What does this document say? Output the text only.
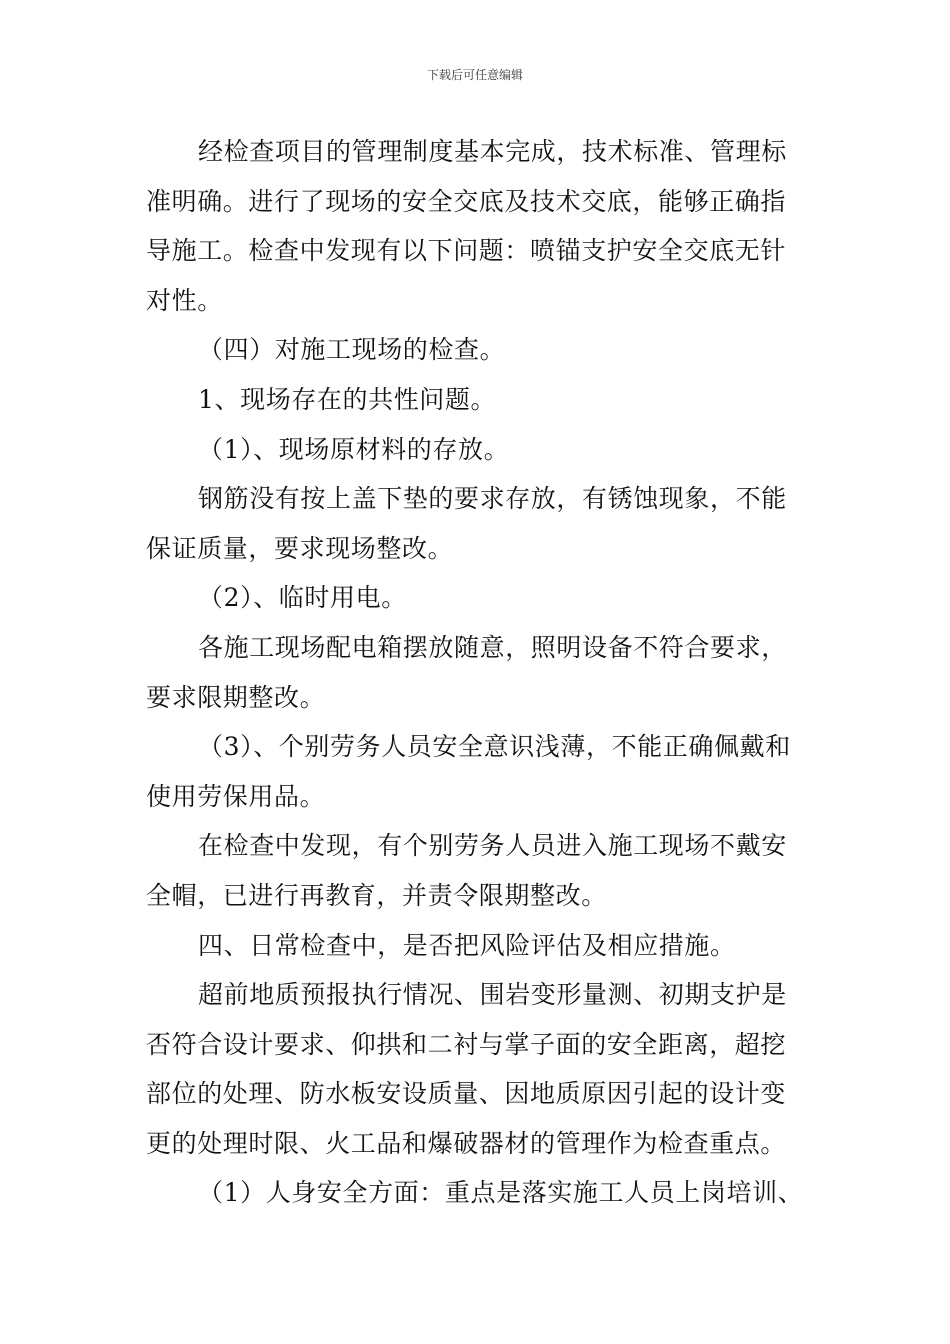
下载后可任意编辑
经检查项目的管理制度基本完成，技术标准、管理标
准明确。进行了现场的安全交底及技术交底，能够正确指
导施工。检查中发现有以下问题：喷锚支护安全交底无针
对性。
（四）对施工现场的检查。
1、现场存在的共性问题。
（1）、现场原材料的存放。
钢筋没有按上盖下垫的要求存放，有锈蚀现象，不能
保证质量，要求现场整改。
（2）、临时用电。
各施工现场配电箱摆放随意，照明设备不符合要求，
要求限期整改。
（3）、个别劳务人员安全意识浅薄，不能正确佩戴和
使用劳保用品。
在检查中发现，有个别劳务人员进入施工现场不戴安
全帽，已进行再教育，并责令限期整改。
四、日常检查中，是否把风险评估及相应措施。
超前地质预报执行情况、围岩变形量测、初期支护是
否符合设计要求、仰拱和二衬与掌子面的安全距离，超挖
部位的处理、防水板安设质量、因地质原因引起的设计变
更的处理时限、火工品和爆破器材的管理作为检查重点。
（1）人身安全方面：重点是落实施工人员上岗培训、
